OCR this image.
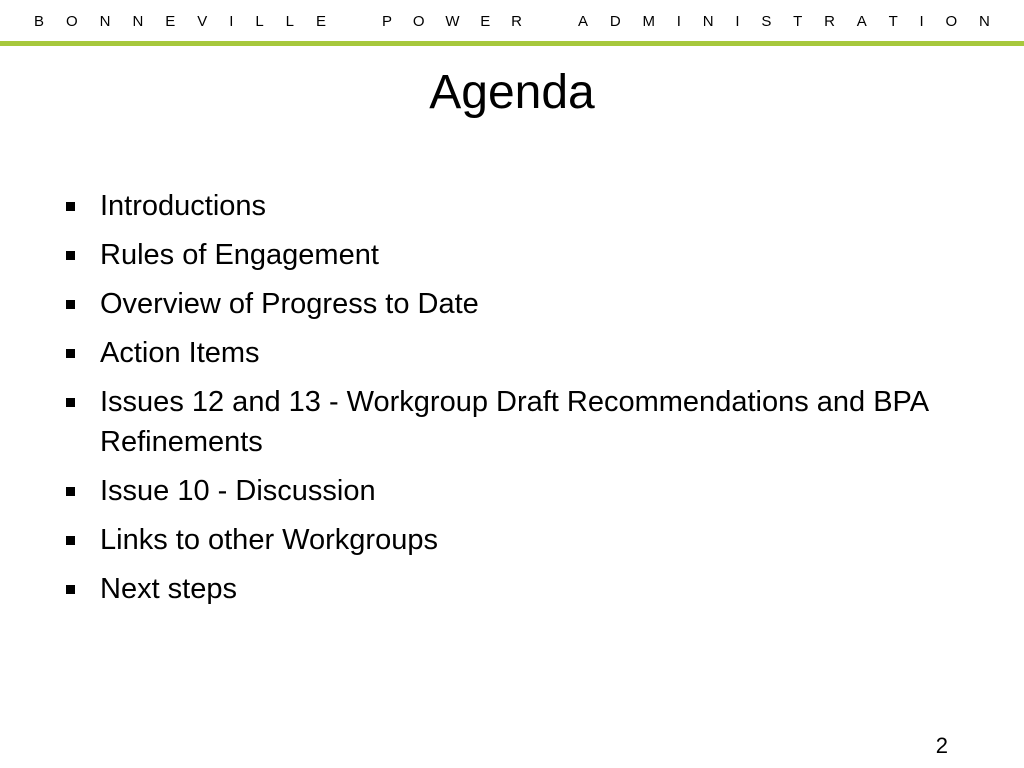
B O N N E V I L L E	P O W E R	A D M I N I S T R A T I O N
Agenda
Introductions
Rules of Engagement
Overview of Progress to Date
Action Items
Issues 12 and 13 - Workgroup Draft Recommendations and BPA Refinements
Issue 10 - Discussion
Links to other Workgroups
Next steps
2
